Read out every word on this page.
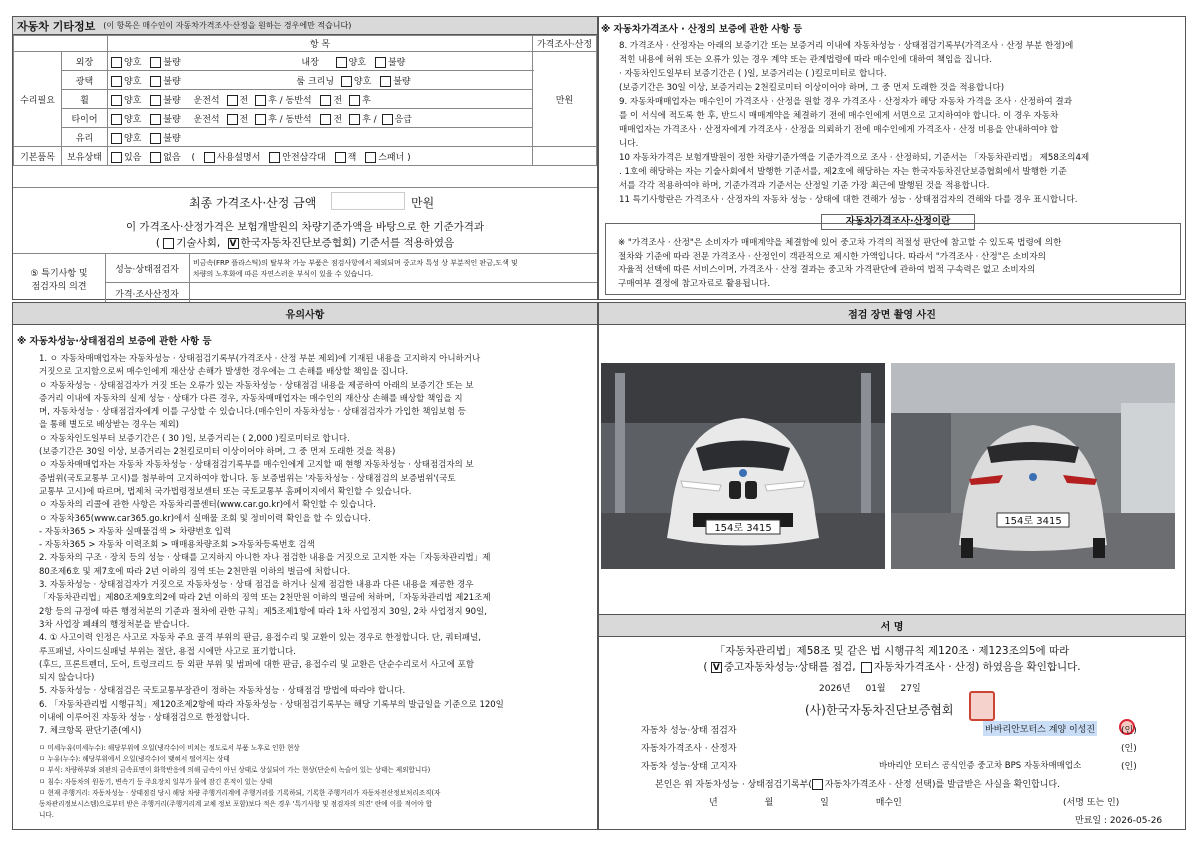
자동차 기타정보 (이 항목은 매수인이 자동차가격조사·산정을 원하는 경우에만 적습니다)
		항 목	가격조사·산정
수리필요	외장	양호 불량 내장 양호 불량	만원
	광택	양호 불량 룸 크리닝 양호 불량	
	휠	양호 불량 운전석 전 후 / 동반석 전 후	
	타이어	양호 불량 운전석 전 후 / 동반석 전 후 / 응급	
	유리	양호 불량	
기본품목	보유상태	있음 없음 ( 사용설명서 안전삼각대 잭 스패너 )	
최종 가격조사·산정 금액	만원
이 가격조사·산정가격은 보험개발원의 차량기준가액을 바탕으로 한 기준가격과
( 기술사회, V 한국자동차진단보증협회) 기준서를 적용하였음
⑤ 특기사항 및
점검자의 의견
성능·상태점검자
비금속(FRP 플라스틱)의 탈부착 가능 부품은 점검사항에서 제외되며 중고차 특성 상 부분적인 판금,도색 및
차량의 노후화에 따른 자연스러운 부식이 있을 수 있습니다.
가격·조사산정자
※ 자동차가격조사 · 산정의 보증에 관한 사항 등
8. 가격조사 · 산정자는 아래의 보증기간 또는 보증거리 이내에 자동차성능 · 상태점검기록부(가격조사 · 산정 부분 한정)에
적힌 내용에 허위 또는 오류가 있는 경우 계약 또는 관계법령에 따라 매수인에 대하여 책임을 집니다.
· 자동차인도일부터 보증기간은 ( )일, 보증거리는 ( )킬로미터로 합니다.
(보증기간은 30일 이상, 보증거리는 2천킬로미터 이상이어야 하며, 그 중 먼저 도래한 것을 적용합니다)
9. 자동차매매업자는 매수인이 가격조사 · 산정을 원할 경우 가격조사 · 산정자가 해당 자동차 가격을 조사 · 산정하여 결과
를 이 서식에 적도록 한 후, 반드시 매매계약을 체결하기 전에 매수인에게 서면으로 고지하여야 합니다. 이 경우 자동차
매매업자는 가격조사 · 산정자에게 가격조사 · 산정을 의뢰하기 전에 매수인에게 가격조사 · 산정 비용을 안내하여야 합
니다.
10 자동차가격은 보험개발원이 정한 차량기준가액을 기준가격으로 조사 · 산정하되, 기준서는 「자동차관리법」 제58조의4제
. 1호에 해당하는 자는 기술사회에서 발행한 기준서를, 제2호에 해당하는 자는 한국자동차진단보증협회에서 발행한 기준
서를 각각 적용하여야 하며, 기준가격과 기준서는 산정일 기준 가장 최근에 발행된 것을 적용합니다.
11 특기사항란은 가격조사 · 산정자의 자동차 성능 · 상태에 대한 견해가 성능 · 상태점검자의 견해와 다를 경우 표시합니다.
자동차가격조사·산정이란
※ "가격조사 · 산정"은 소비자가 매매계약을 체결함에 있어 중고차 가격의 적절성 판단에 참고할 수 있도록 법령에 의한
절차와 기준에 따라 전문 가격조사 · 산정인이 객관적으로 제시한 가액입니다. 따라서 "가격조사 · 산정"은 소비자의
자율적 선택에 따른 서비스이며, 가격조사 · 산정 결과는 중고차 가격판단에 관하여 법적 구속력은 없고 소비자의
구매여부 결정에 참고자료로 활용됩니다.
유의사항
※ 자동차성능·상태점검의 보증에 관한 사항 등
1. ㅇ 자동차매매업자는 자동차성능 · 상태점검기록부(가격조사 · 산정 부분 제외)에 기재된 내용을 고지하지 아니하거나
거짓으로 고지함으로써 매수인에게 재산상 손해가 발생한 경우에는 그 손해를 배상할 책임을 집니다.
ㅇ 자동차성능 · 상태점검자가 거짓 또는 오류가 있는 자동차성능 · 상태점검 내용을 제공하여 아래의 보증기간 또는 보
증거리 이내에 자동차의 실제 성능 · 상태가 다른 경우, 자동차매매업자는 매수인의 재산상 손해를 배상할 책임을 지
며, 자동차성능 · 상태점검자에게 이를 구상할 수 있습니다.(매수인이 자동차성능 · 상태점검자가 가입한 책임보험 등
을 통해 별도로 배상받는 경우는 제외)
ㅇ 자동차인도일부터 보증기간은 ( 30 )일, 보증거리는 ( 2,000 )킬로미터로 합니다.
(보증기간은 30일 이상, 보증거리는 2천킬로미터 이상이어야 하며, 그 중 먼저 도래한 것을 적용)
ㅇ 자동차매매업자는 자동차 자동차성능 · 상태점검기록부를 매수인에게 고지할 때 현행 자동차성능 · 상태점검자의 보
증범위(국토교통부 고시)를 첨부하여 고지하여야 합니다. 동 보증범위는 '자동차성능 · 상태점검의 보증범위'(국토
교통부 고시)에 따르며, 법제처 국가법령정보센터 또는 국토교통부 홈페이지에서 확인할 수 있습니다.
ㅇ 자동차의 리콜에 관한 사항은 자동차리콜센터(www.car.go.kr)에서 확인할 수 있습니다.
ㅇ 자동차365(www.car365.go.kr)에서 실매물 조회 및 정비이력 확인을 할 수 있습니다.
- 자동차365 > 자동차 실매물검색 > 차량번호 입력
- 자동차365 > 자동차 이력조회 > 매매용차량조회 >자동차등록번호 검색
2. 자동차의 구조 · 장치 등의 성능 · 상태를 고지하지 아니한 자나 점검한 내용을 거짓으로 고지한 자는「자동차관리법」제
80조제6호 및 제7호에 따라 2년 이하의 징역 또는 2천만원 이하의 벌금에 처합니다.
3. 자동차성능 · 상태점검자가 거짓으로 자동차성능 · 상태 점검을 하거나 실제 점검한 내용과 다른 내용을 제공한 경우
「자동차관리법」제80조제9호의2에 따라 2년 이하의 징역 또는 2천만원 이하의 벌금에 처하며,「자동차관리법 제21조제
2항 등의 규정에 따른 행정처분의 기준과 절차에 관한 규칙」제5조제1항에 따라 1차 사업정지 30일, 2차 사업정지 90일,
3차 사업장 폐쇄의 행정처분을 받습니다.
4. ① 사고이력 인정은 사고로 자동차 주요 골격 부위의 판금, 용접수리 및 교환이 있는 경우로 한정합니다. 단, 쿼터패널,
루프패널, 사이드실패널 부위는 절단, 용접 시에만 사고로 표기합니다.
(후드, 프론트펜더, 도어, 트렁크리드 등 외판 부위 및 범퍼에 대한 판금, 용접수리 및 교환은 단순수리로서 사고에 포함
되지 않습니다)
5. 자동차성능 · 상태점검은 국토교통부장관이 정하는 자동차성능 · 상태점검 방법에 따라야 합니다.
6. 「자동차관리법 시행규칙」제120조제2항에 따라 자동차성능 · 상태점검기록부는 해당 기록부의 발급일을 기준으로 120일
이내에 이루어진 자동차 성능 · 상태점검으로 한정합니다.
7. 체크항목 판단기준(예시)
ㅁ 미세누유(미세누수): 해당부위에 오일(냉각수)이 비치는 정도로서 부품 노후로 인한 현상
ㅁ 누유(누수): 해당부위에서 오일(냉각수)이 맺혀서 떨어지는 상태
ㅁ 부식: 차량하부와 외판의 금속표면이 화학반응에 의해 금속이 아닌 상태로 상실되어 가는 현상(단순히 녹슬어 있는 상태는 제외합니다)
ㅁ 침수: 자동차의 원동기, 변속기 등 주요장치 일부가 물에 잠긴 흔적이 있는 상태
ㅁ 현재 주행거리: 자동차성능 · 상태점검 당시 해당 차량 주행거리계에 주행거리를 기록하되, 기록한 주행거리가 자동차전산정보처리조직(자
동차관리정보시스템)으로부터 받은 주행거리(주행거리계 교체 정보 포함)보다 적은 경우 '특기사항 및 점검자의 의견' 란에 이를 적어야 합
니다.
점검 장면 촬영 사진
154로 3415
154로 3415
서 명
「자동차관리법」제58조 및 같은 법 시행규칙 제120조 · 제123조의5에 따라
( V중고자동차성능·상태를 점검, 자동차가격조사 · 산정) 하였음을 확인합니다.
2026년 01월 27일
(사)한국자동차진단보증협회
자동차 성능·상태 점검자	바바리안모터스 계양 이성진	(인)
자동차가격조사 · 산정자	(인)
자동차 성능·상태 고지자	바바리안 모터스 공식인증 중고차 BPS 자동차매매업소	(인)
본인은 위 자동차성능 · 상태점검기록부( 자동차가격조사 · 산정 선택)를 발급받은 사실을 확인합니다.
년	월	일	매수인	(서명 또는 인)
만료일 : 2026-05-26
